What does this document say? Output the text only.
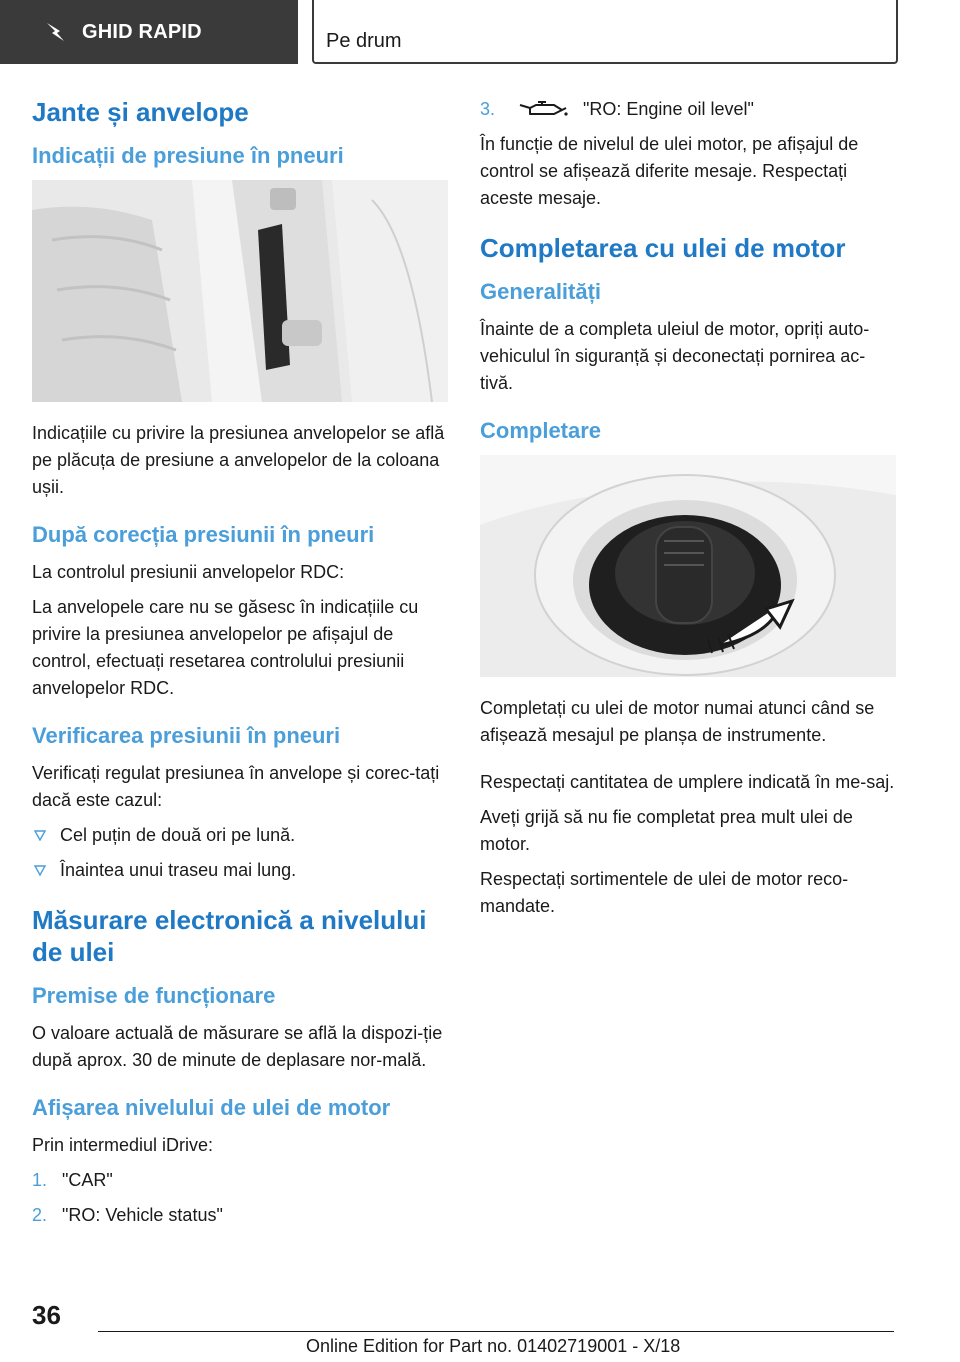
GHID RAPID	Pe drum
Jante și anvelope
Indicații de presiune în pneuri

Indicațiile cu privire la presiunea anvelopelor se află pe plăcuța de presiune a anvelopelor de la coloana ușii.

După corecția presiunii în pneuri

La controlul presiunii anvelopelor RDC:

La anvelopele care nu se găsesc în indicațiile cu privire la presiunea anvelopelor pe afișajul de control, efectuați resetarea controlului presiunii anvelopelor RDC.

Verificarea presiunii în pneuri

Verificați regulat presiunea în anvelope și corec-tați dacă este cazul:

Cel puțin de două ori pe lună.
Înaintea unui traseu mai lung.
Măsurare electronică a nivelului de ulei
Premise de funcționare

O valoare actuală de măsurare se află la dispozi-ție după aprox. 30 de minute de deplasare nor-mală.

Afișarea nivelului de ulei de motor

Prin intermediul iDrive:

1. "CAR"
2. "RO: Vehicle status"
3.	"RO: Engine oil level"

În funcție de nivelul de ulei motor, pe afișajul de control se afișează diferite mesaje. Respectați aceste mesaje.

Completarea cu ulei de motor
Generalități

Înainte de a completa uleiul de motor, opriți auto-vehiculul în siguranță și deconectați pornirea ac-tivă.

Completare

Completați cu ulei de motor numai atunci când se afișează mesajul pe planșa de instrumente.

Respectați cantitatea de umplere indicată în me-saj.

Aveți grijă să nu fie completat prea mult ulei de motor.

Respectați sortimentele de ulei de motor reco-mandate.

36
Online Edition for Part no. 01402719001 - X/18
